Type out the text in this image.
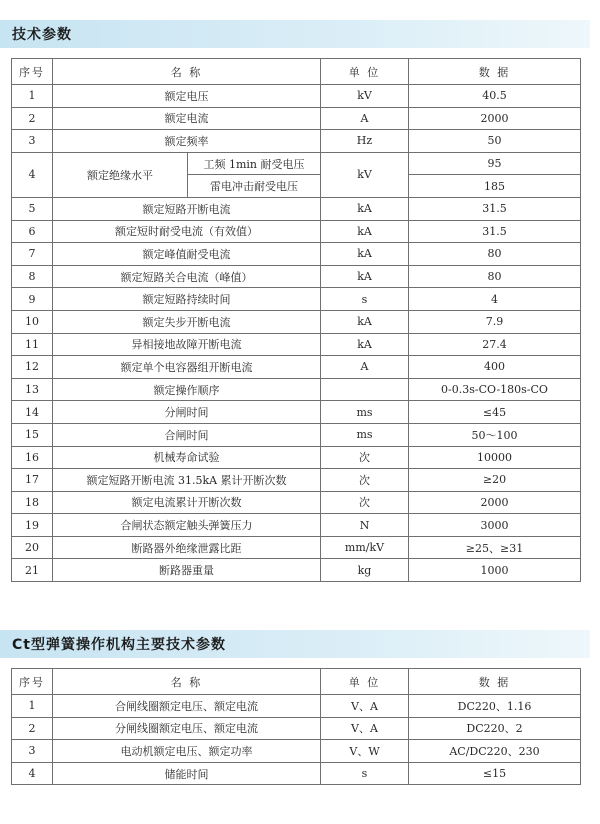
技术参数
序号	名 称		单 位	数 据
1	额定电压		kV	40.5
2	额定电流		A	2000
3	额定频率		Hz	50
4	额定绝缘水平	工频 1min 耐受电压	kV	95
		雷电冲击耐受电压		185
5	额定短路开断电流		kA	31.5
6	额定短时耐受电流（有效值）		kA	31.5
7	额定峰值耐受电流		kA	80
8	额定短路关合电流（峰值）		kA	80
9	额定短路持续时间		s	4
10	额定失步开断电流		kA	7.9
11	异相接地故障开断电流		kA	27.4
12	额定单个电容器组开断电流		A	400
13	额定操作顺序			0-0.3s-CO-180s-CO
14	分闸时间		ms	≤45
15	合闸时间		ms	50～100
16	机械寿命试验		次	10000
17	额定短路开断电流 31.5kA 累计开断次数		次	≥20
18	额定电流累计开断次数		次	2000
19	合闸状态额定触头弹簧压力		N	3000
20	断路器外绝缘泄露比距		mm/kV	≥25、≥31
21	断路器重量		kg	1000
Ct型弹簧操作机构主要技术参数
序号	名 称	单 位	数 据
1	合闸线圈额定电压、额定电流	V、A	DC220、1.16
2	分闸线圈额定电压、额定电流	V、A	DC220、2
3	电动机额定电压、额定功率	V、W	AC/DC220、230
4	储能时间	s	≤15
